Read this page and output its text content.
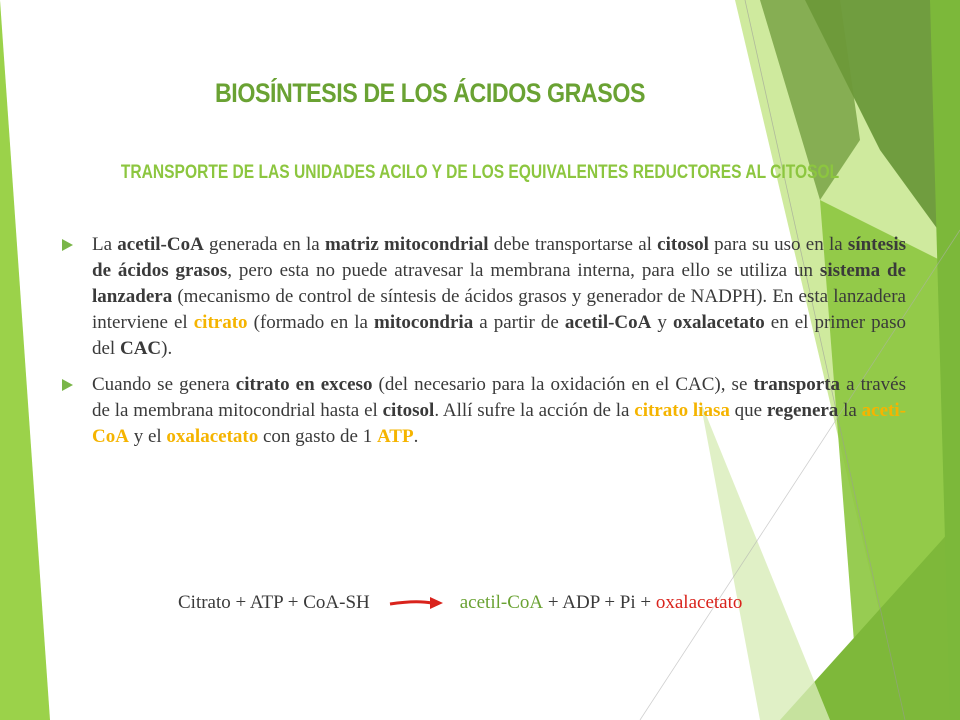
BIOSÍNTESIS DE LOS ÁCIDOS GRASOS
TRANSPORTE DE LAS UNIDADES ACILO Y DE LOS EQUIVALENTES REDUCTORES AL CITOSOL
La acetil-CoA generada en la matriz mitocondrial debe transportarse al citosol para su uso en la síntesis de ácidos grasos, pero esta no puede atravesar la membrana interna, para ello se utiliza un sistema de lanzadera (mecanismo de control de síntesis de ácidos grasos y generador de NADPH). En esta lanzadera interviene el citrato (formado en la mitocondria a partir de acetil-CoA y oxalacetato en el primer paso del CAC).
Cuando se genera citrato en exceso (del necesario para la oxidación en el CAC), se transporta a través de la membrana mitocondrial hasta el citosol. Allí sufre la acción de la citrato liasa que regenera la aceti-CoA y el oxalacetato con gasto de 1 ATP.
Citrato + ATP + CoA-SH	acetil-CoA + ADP + Pi + oxalacetato
